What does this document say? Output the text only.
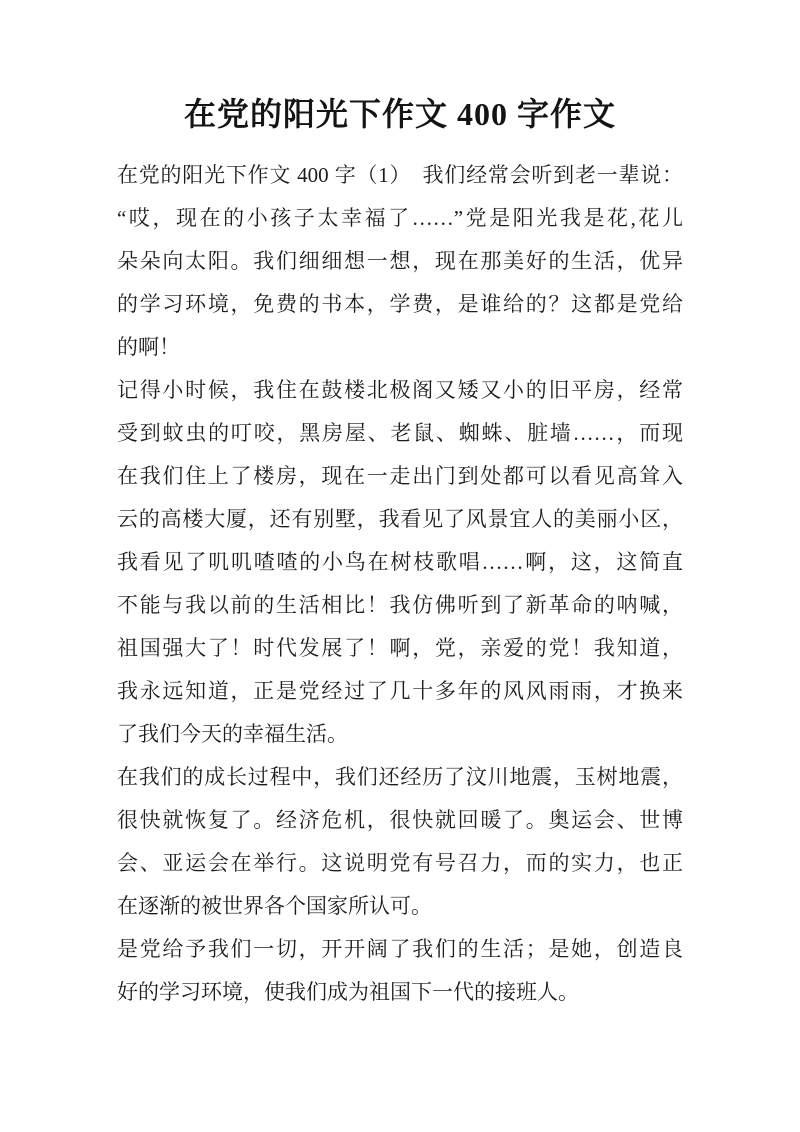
在党的阳光下作文 400 字作文
在党的阳光下作文 400 字（1）　我们经常会听到老一辈说：
“哎，现在的小孩子太幸福了……”党是阳光我是花,花儿
朵朵向太阳。我们细细想一想，现在那美好的生活，优异
的学习环境，免费的书本，学费，是谁给的？这都是党给
的啊！
记得小时候，我住在鼓楼北极阁又矮又小的旧平房，经常
受到蚊虫的叮咬，黑房屋、老鼠、蜘蛛、脏墙……，而现
在我们住上了楼房，现在一走出门到处都可以看见高耸入
云的高楼大厦，还有别墅，我看见了风景宜人的美丽小区，
我看见了叽叽喳喳的小鸟在树枝歌唱……啊，这，这简直
不能与我以前的生活相比！我仿佛听到了新革命的呐喊，
祖国强大了！时代发展了！啊，党，亲爱的党！我知道，
我永远知道，正是党经过了几十多年的风风雨雨，才换来
了我们今天的幸福生活。
在我们的成长过程中，我们还经历了汶川地震，玉树地震，
很快就恢复了。经济危机，很快就回暖了。奥运会、世博
会、亚运会在举行。这说明党有号召力，而的实力，也正
在逐渐的被世界各个国家所认可。
是党给予我们一切，开开阔了我们的生活；是她，创造良
好的学习环境，使我们成为祖国下一代的接班人。
